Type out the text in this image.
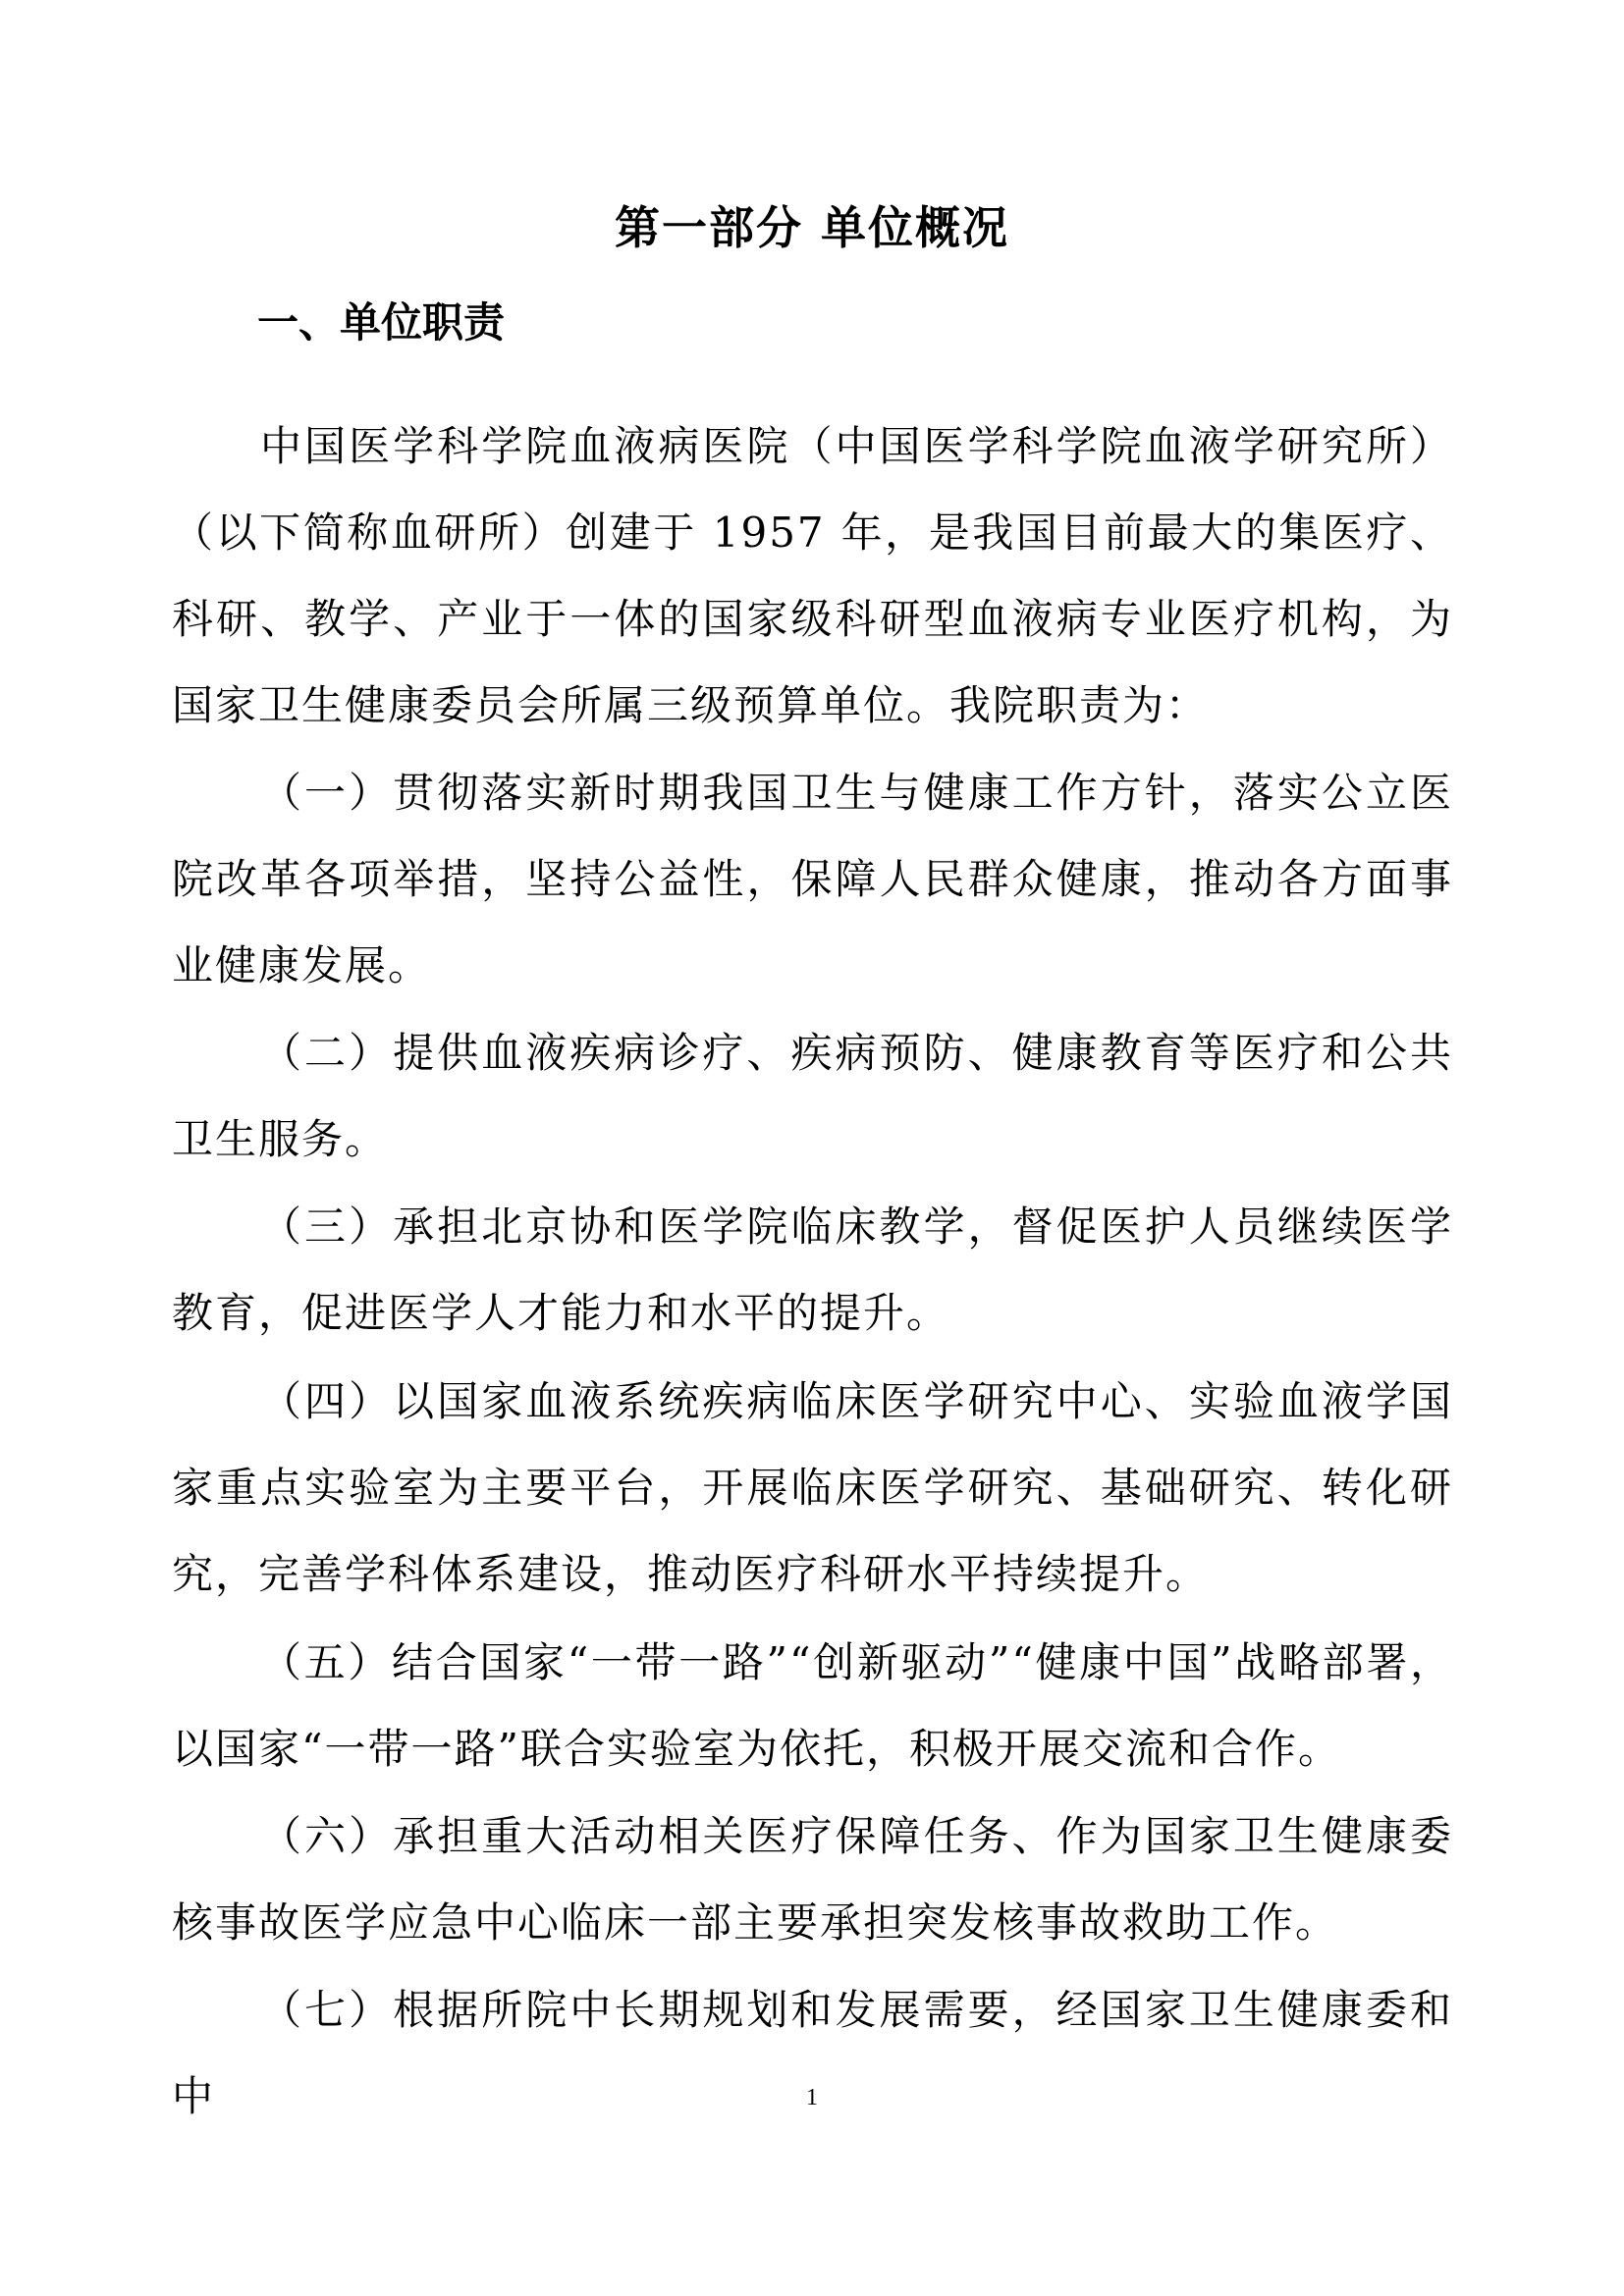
第一部分 单位概况
一、单位职责

中国医学科学院血液病医院（中国医学科学院血液学研究所）（以下简称血研所）创建于 1957 年，是我国目前最大的集医疗、科研、教学、产业于一体的国家级科研型血液病专业医疗机构，为国家卫生健康委员会所属三级预算单位。我院职责为：

（一）贯彻落实新时期我国卫生与健康工作方针，落实公立医院改革各项举措，坚持公益性，保障人民群众健康，推动各方面事业健康发展。

（二）提供血液疾病诊疗、疾病预防、健康教育等医疗和公共卫生服务。

（三）承担北京协和医学院临床教学，督促医护人员继续医学教育，促进医学人才能力和水平的提升。

（四）以国家血液系统疾病临床医学研究中心、实验血液学国家重点实验室为主要平台，开展临床医学研究、基础研究、转化研究，完善学科体系建设，推动医疗科研水平持续提升。

（五）结合国家“一带一路”“创新驱动”“健康中国”战略部署，以国家“一带一路”联合实验室为依托，积极开展交流和合作。

（六）承担重大活动相关医疗保障任务、作为国家卫生健康委核事故医学应急中心临床一部主要承担突发核事故救助工作。

（七）根据所院中长期规划和发展需要，经国家卫生健康委和中	1
